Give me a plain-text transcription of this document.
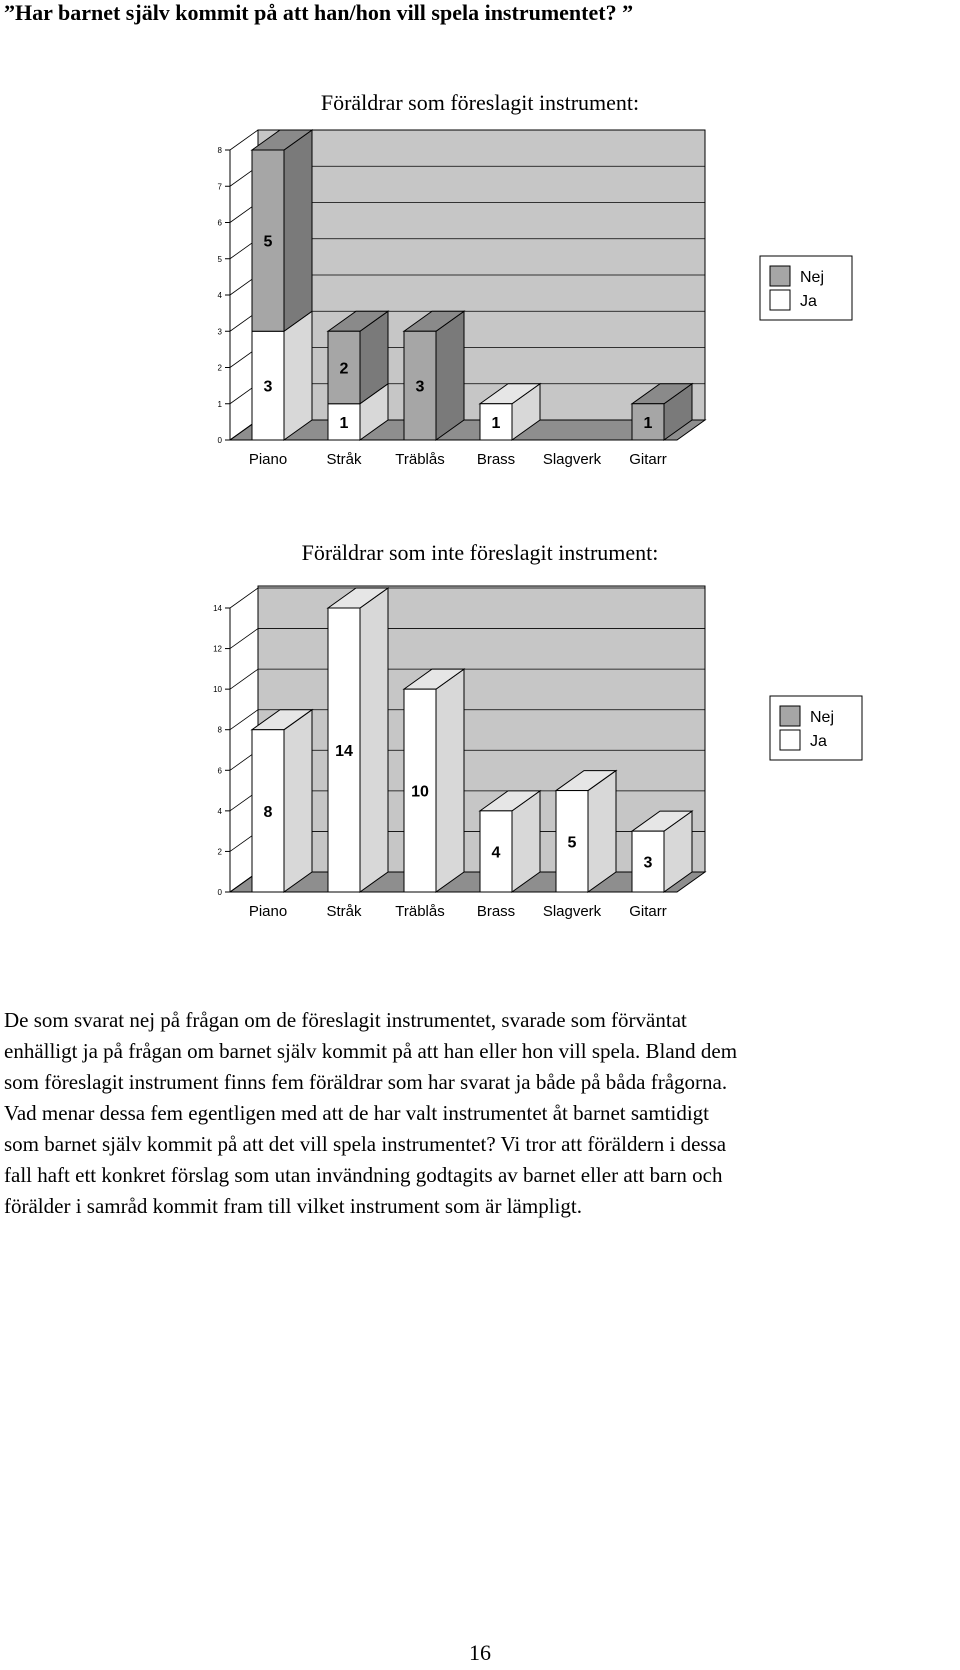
”Har barnet själv kommit på att han/hon vill spela instrumentet? ”
Föräldrar som föreslagit instrument:
0
1
2
3
4
5
6
7
8
3
5
Piano
1
2
Stråk
3
Träblås
1
Brass Slagverk
1
Gitarr
Nej
Ja
Föräldrar som inte föreslagit instrument:
0
2
4
6
8
10
12
14
8
Piano
14
Stråk
10
Träblås
4
Brass
5
Slagverk
3
Gitarr
Nej
Ja
De som svarat nej på frågan om de föreslagit instrumentet, svarade som förväntat
enhälligt ja på frågan om barnet själv kommit på att han eller hon vill spela. Bland dem
som föreslagit instrument finns fem föräldrar som har svarat ja både på båda frågorna.
Vad menar dessa fem egentligen med att de har valt instrumentet åt barnet samtidigt
som barnet själv kommit på att det vill spela instrumentet? Vi tror att föräldern i dessa
fall haft ett konkret förslag som utan invändning godtagits av barnet eller att barn och
förälder i samråd kommit fram till vilket instrument som är lämpligt.

16
